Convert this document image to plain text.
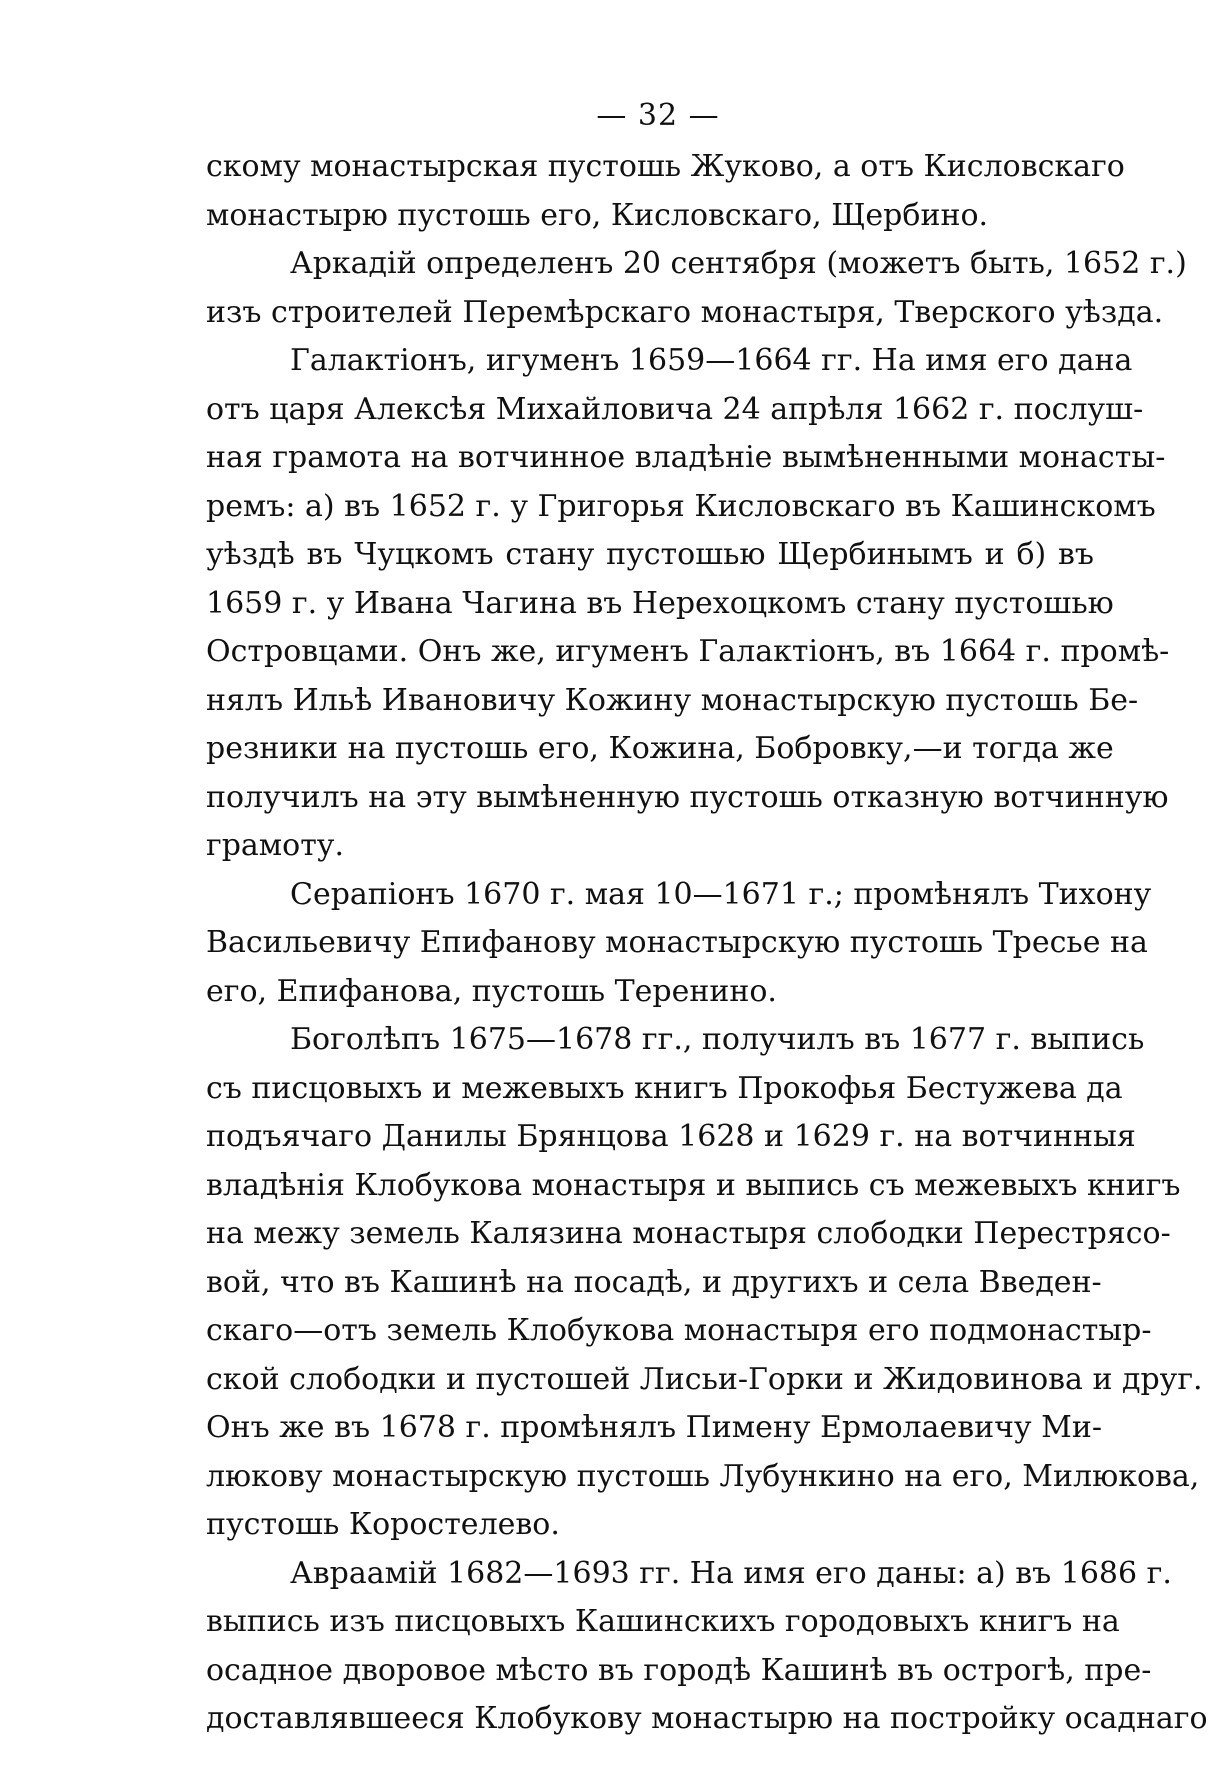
— 32 —
скому монастырская пустошь Жуково, а отъ Кисловскаго
монастырю пустошь его, Кисловскаго, Щербино.
Аркадій определенъ 20 сентября (можетъ быть, 1652 г.)
изъ строителей Перемѣрскаго монастыря, Тверского уѣзда.
Галактіонъ, игуменъ 1659—1664 гг. На имя его дана
отъ царя Алексѣя Михайловича 24 апрѣля 1662 г. послуш-
ная грамота на вотчинное владѣніе вымѣненными монасты-
ремъ: а) въ 1652 г. у Григорья Кисловскаго въ Кашинскомъ
уѣздѣ въ Чуцкомъ стану пустошью Щербинымъ и б) въ
1659 г. у Ивана Чагина въ Нерехоцкомъ стану пустошью
Островцами. Онъ же, игуменъ Галактіонъ, въ 1664 г. промѣ-
нялъ Ильѣ Ивановичу Кожину монастырскую пустошь Бе-
резники на пустошь его, Кожина, Бобровку,—и тогда же
получилъ на эту вымѣненную пустошь отказную вотчинную
грамоту.
Серапіонъ 1670 г. мая 10—1671 г.; промѣнялъ Тихону
Васильевичу Епифанову монастырскую пустошь Тресье на
его, Епифанова, пустошь Теренино.
Боголѣпъ 1675—1678 гг., получилъ въ 1677 г. выпись
съ писцовыхъ и межевыхъ книгъ Прокофья Бестужева да
подъячаго Данилы Брянцова 1628 и 1629 г. на вотчинныя
владѣнія Клобукова монастыря и выпись съ межевыхъ книгъ
на межу земель Калязина монастыря слободки Перестрясо-
вой, что въ Кашинѣ на посадѣ, и другихъ и села Введен-
скаго—отъ земель Клобукова монастыря его подмонастыр-
ской слободки и пустошей Лисьи-Горки и Жидовинова и друг.
Онъ же въ 1678 г. промѣнялъ Пимену Ермолаевичу Ми-
люкову монастырскую пустошь Лубункино на его, Милюкова,
пустошь Коростелево.
Авраамій 1682—1693 гг. На имя его даны: а) въ 1686 г.
выпись изъ писцовыхъ Кашинскихъ городовыхъ книгъ на
осадное дворовое мѣсто въ городѣ Кашинѣ въ острогѣ, пре-
доставлявшееся Клобукову монастырю на постройку осаднаго
